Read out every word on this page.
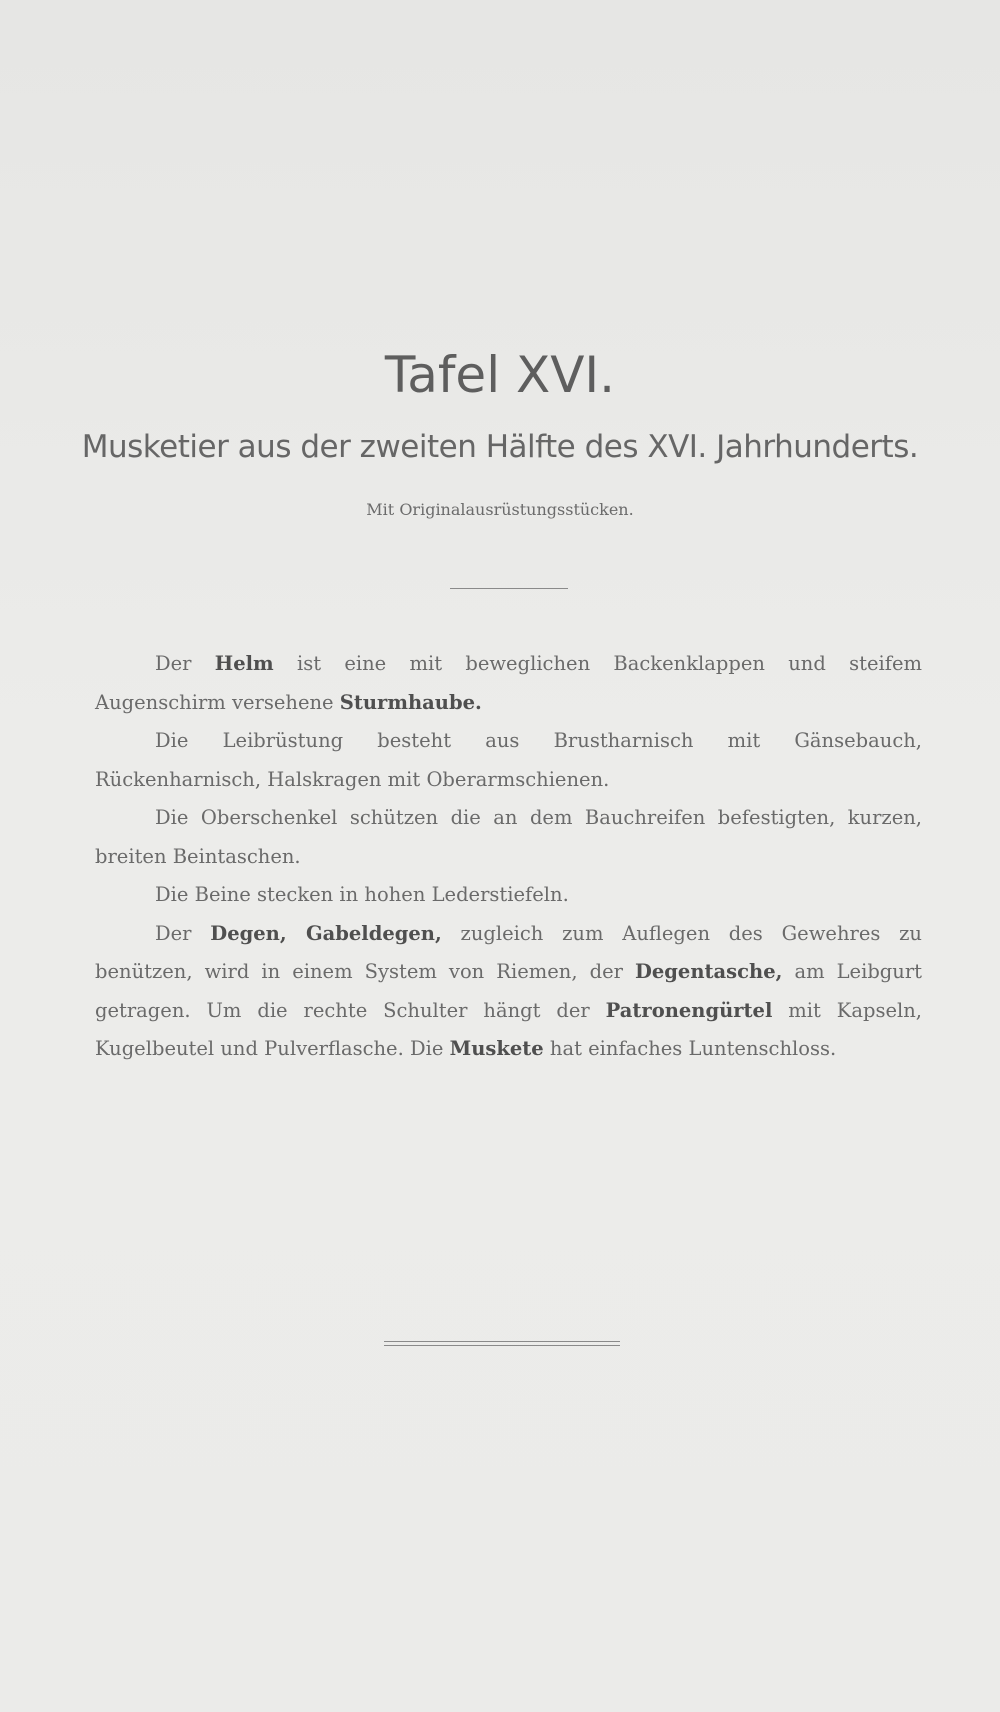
Tafel XVI.
Musketier aus der zweiten Hälfte des XVI. Jahrhunderts.
Mit Originalausrüstungsstücken.

Der Helm ist eine mit beweglichen Backenklappen und steifem Augenschirm versehene Sturmhaube.

Die Leibrüstung besteht aus Brustharnisch mit Gänsebauch, Rückenharnisch, Halskragen mit Oberarmschienen.

Die Oberschenkel schützen die an dem Bauchreifen befestigten, kurzen, breiten Beintaschen.

Die Beine stecken in hohen Lederstiefeln.

Der Degen, Gabeldegen, zugleich zum Auflegen des Gewehres zu benützen, wird in einem System von Riemen, der Degentasche, am Leibgurt getragen. Um die rechte Schulter hängt der Patronengürtel mit Kapseln, Kugelbeutel und Pulverflasche. Die Muskete hat einfaches Luntenschloss.
